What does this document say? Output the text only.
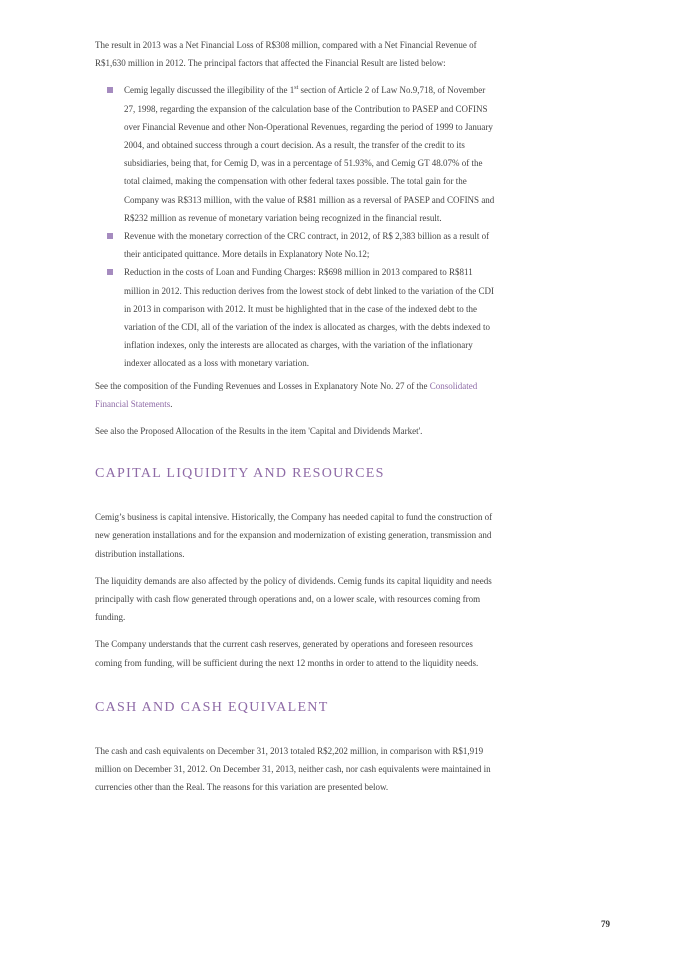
The result in 2013 was a Net Financial Loss of R$308 million, compared with a Net Financial Revenue of R$1,630 million in 2012. The principal factors that affected the Financial Result are listed below:

Cemig legally discussed the illegibility of the 1st section of Article 2 of Law No.9,718, of November 27, 1998, regarding the expansion of the calculation base of the Contribution to PASEP and COFINS over Financial Revenue and other Non-Operational Revenues, regarding the period of 1999 to January 2004, and obtained success through a court decision. As a result, the transfer of the credit to its subsidiaries, being that, for Cemig D, was in a percentage of 51.93%, and Cemig GT 48.07% of the total claimed, making the compensation with other federal taxes possible. The total gain for the Company was R$313 million, with the value of R$81 million as a reversal of PASEP and COFINS and R$232 million as revenue of monetary variation being recognized in the financial result.
Revenue with the monetary correction of the CRC contract, in 2012, of R$ 2,383 billion as a result of their anticipated quittance. More details in Explanatory Note No.12;
Reduction in the costs of Loan and Funding Charges: R$698 million in 2013 compared to R$811 million in 2012. This reduction derives from the lowest stock of debt linked to the variation of the CDI in 2013 in comparison with 2012. It must be highlighted that in the case of the indexed debt to the variation of the CDI, all of the variation of the index is allocated as charges, with the debts indexed to inflation indexes, only the interests are allocated as charges, with the variation of the inflationary indexer allocated as a loss with monetary variation.

See the composition of the Funding Revenues and Losses in Explanatory Note No. 27 of the Consolidated Financial Statements.

See also the Proposed Allocation of the Results in the item 'Capital and Dividends Market'.

CAPITAL LIQUIDITY AND RESOURCES

Cemig’s business is capital intensive. Historically, the Company has needed capital to fund the construction of new generation installations and for the expansion and modernization of existing generation, transmission and distribution installations.

The liquidity demands are also affected by the policy of dividends. Cemig funds its capital liquidity and needs principally with cash flow generated through operations and, on a lower scale, with resources coming from funding.

The Company understands that the current cash reserves, generated by operations and foreseen resources coming from funding, will be sufficient during the next 12 months in order to attend to the liquidity needs.

CASH AND CASH EQUIVALENT

The cash and cash equivalents on December 31, 2013 totaled R$2,202 million, in comparison with R$1,919 million on December 31, 2012. On December 31, 2013, neither cash, nor cash equivalents were maintained in currencies other than the Real. The reasons for this variation are presented below.

79
